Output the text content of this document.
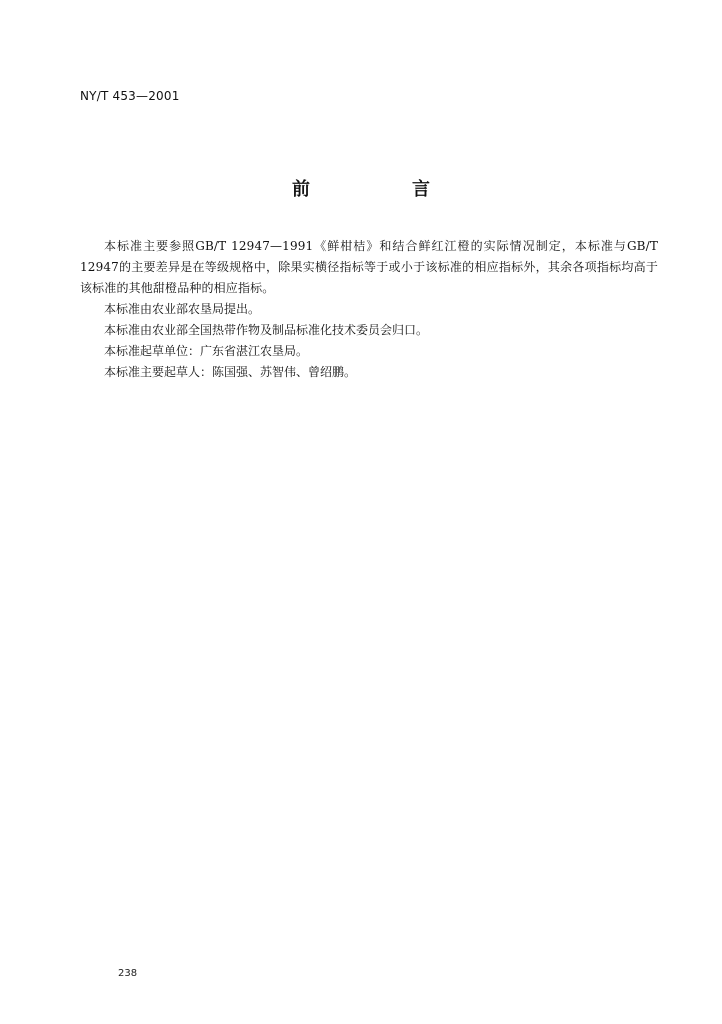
NY/T 453—2001
前　言

本标准主要参照GB/T 12947—1991《鲜柑桔》和结合鲜红江橙的实际情况制定，本标准与GB/T 12947的主要差异是在等级规格中，除果实横径指标等于或小于该标准的相应指标外，其余各项指标均高于该标准的其他甜橙品种的相应指标。

本标准由农业部农垦局提出。

本标准由农业部全国热带作物及制品标准化技术委员会归口。

本标准起草单位：广东省湛江农垦局。

本标准主要起草人：陈国强、苏智伟、曾绍鹏。

238
